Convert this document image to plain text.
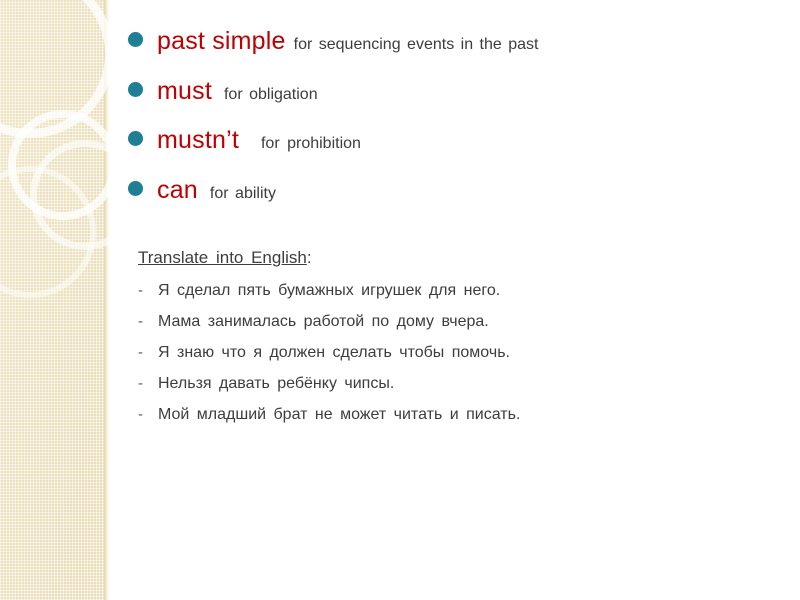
past simple for sequencing events in the past
must for obligation
mustn’t for prohibition
can for ability
Translate into English:
- Я сделал пять бумажных игрушек для него.
- Мама занималась работой по дому вчера.
- Я знаю что я должен сделать чтобы помочь.
- Нельзя давать ребёнку чипсы.
- Мой младший брат не может читать и писать.
